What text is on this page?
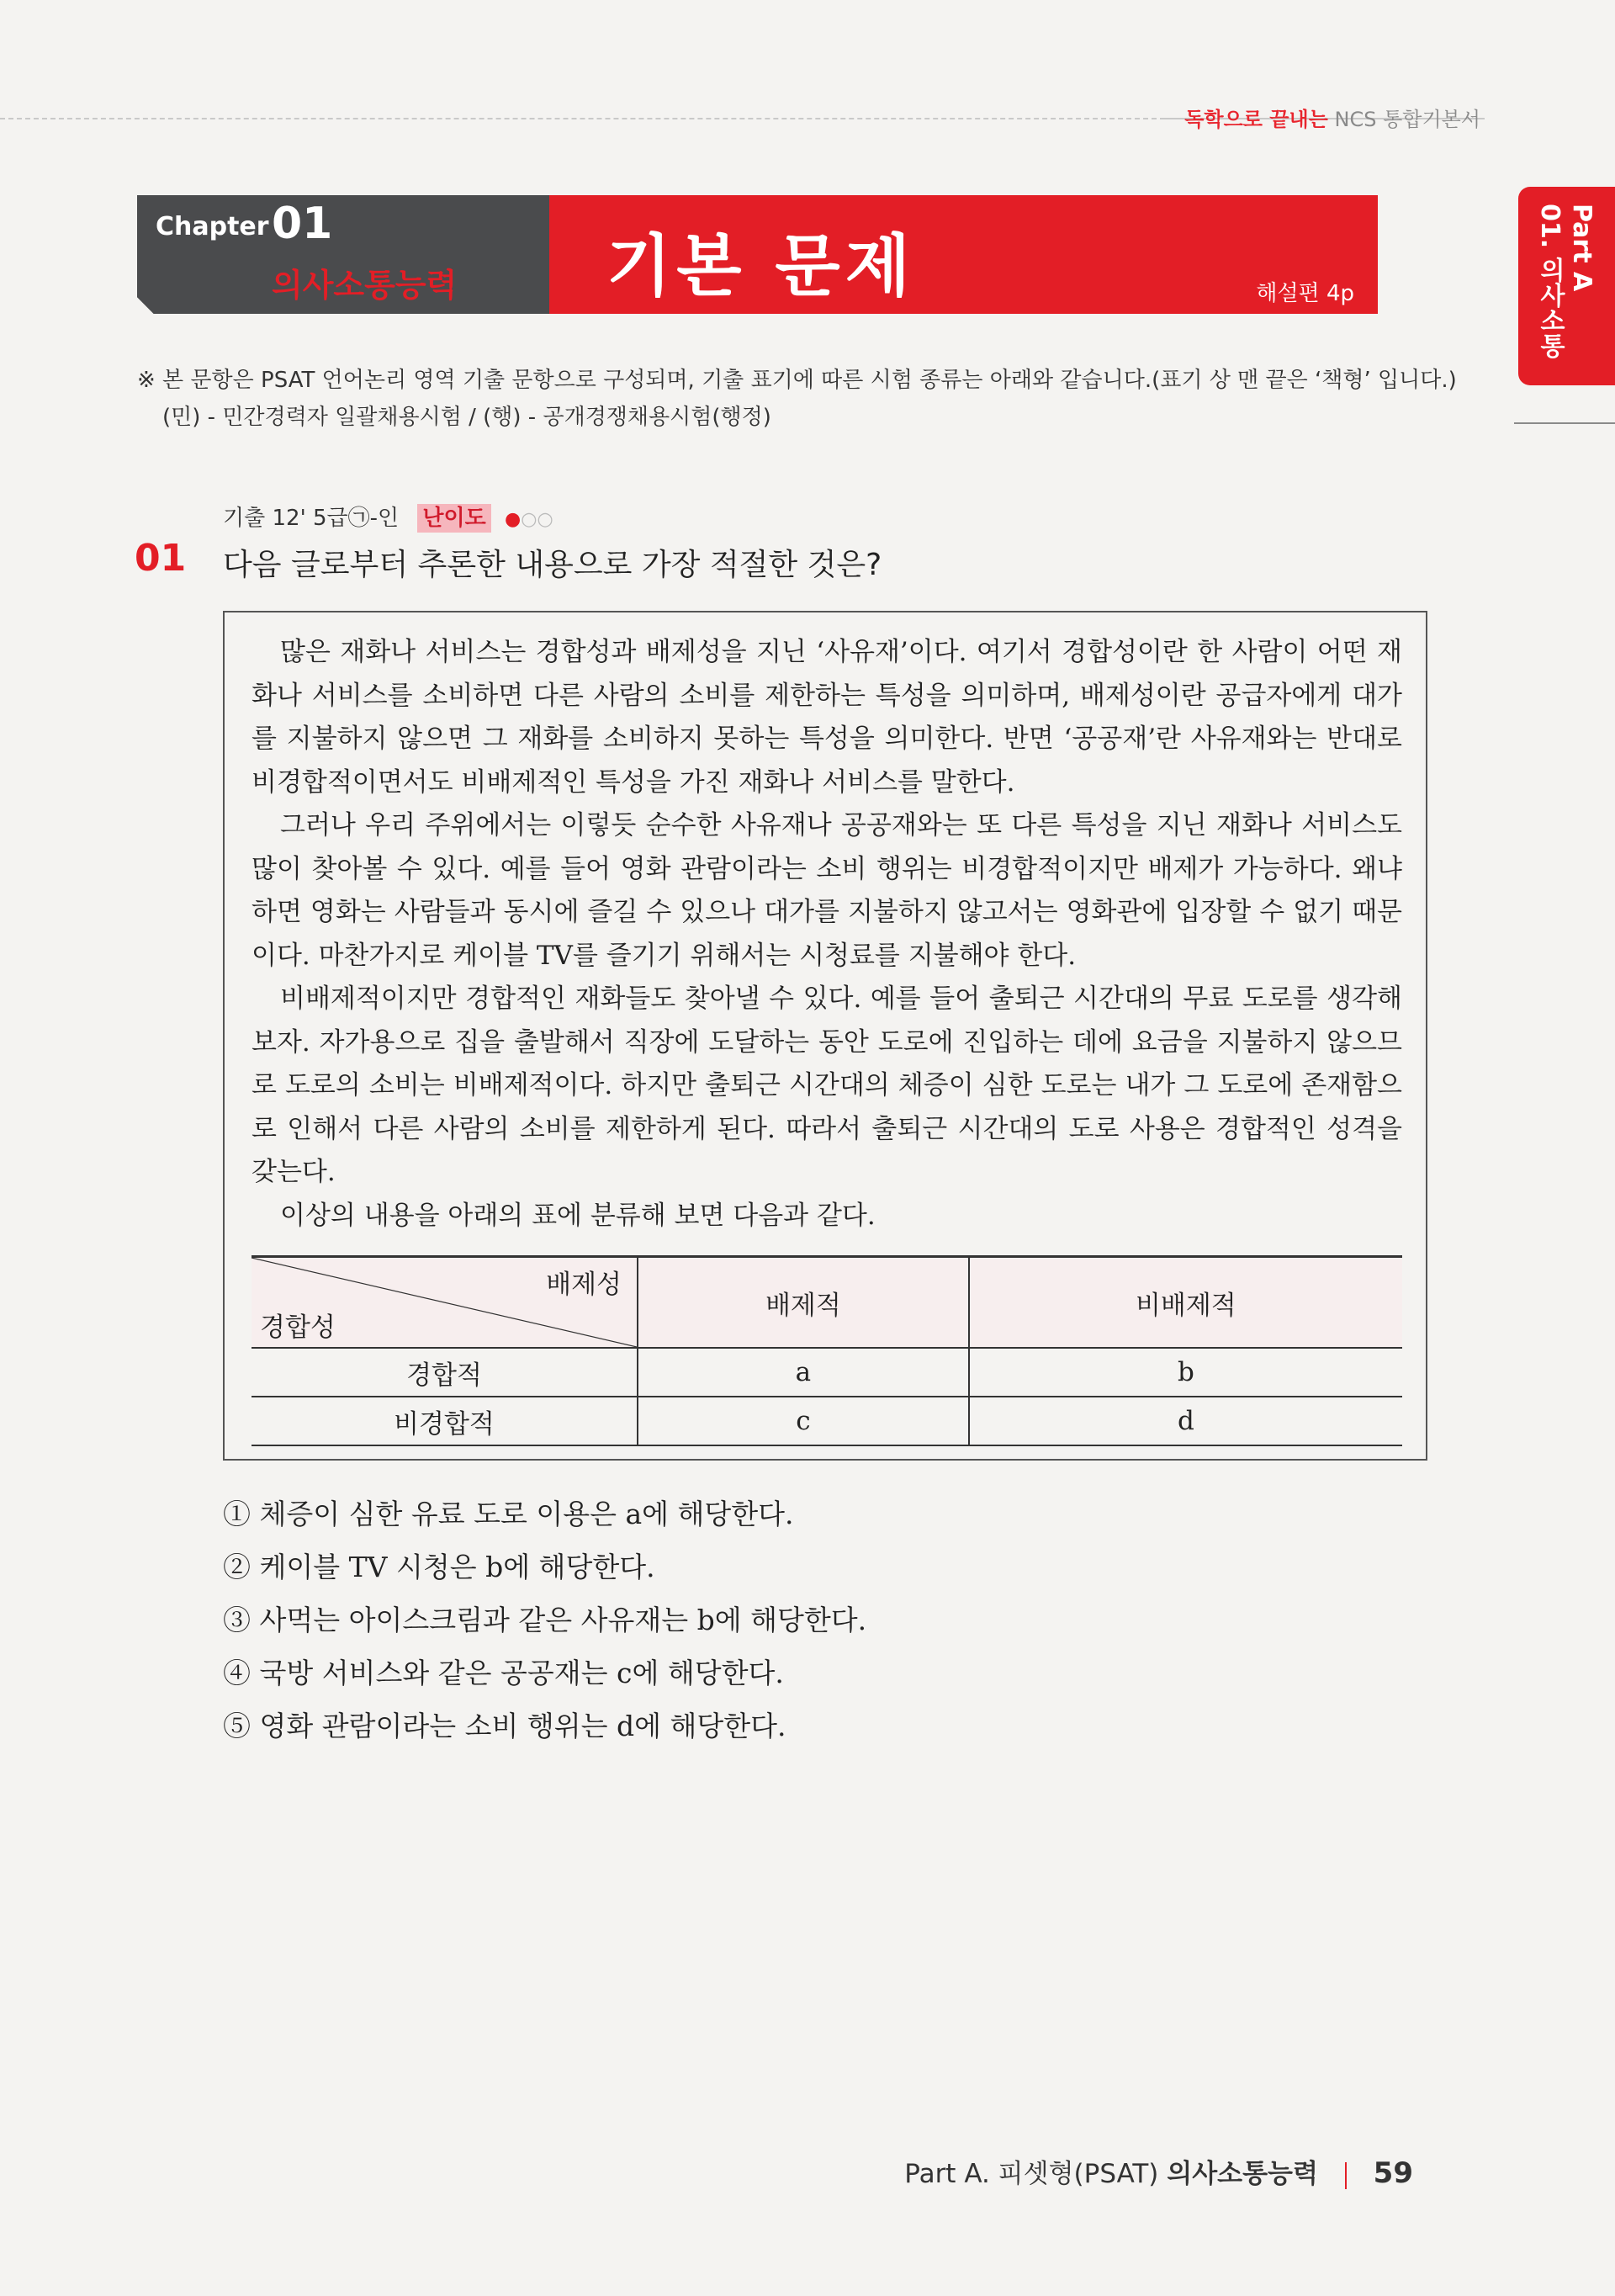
독학으로 끝내는 NCS 통합기본서
Chapter 01
의사소통능력 기본 문제	해설편 4p
Part A
01. 의사소통
※ 본 문항은 PSAT 언어논리 영역 기출 문항으로 구성되며, 기출 표기에 따른 시험 종류는 아래와 같습니다.(표기 상 맨 끝은 ‘책형’ 입니다.)
(민) - 민간경력자 일괄채용시험 / (행) - 공개경쟁채용시험(행정)
기출 12' 5급㉠-인 난이도 ●○○
01 다음 글로부터 추론한 내용으로 가장 적절한 것은?

많은 재화나 서비스는 경합성과 배제성을 지닌 ‘사유재’이다. 여기서 경합성이란 한 사람이 어떤 재화나 서비스를 소비하면 다른 사람의 소비를 제한하는 특성을 의미하며, 배제성이란 공급자에게 대가를 지불하지 않으면 그 재화를 소비하지 못하는 특성을 의미한다. 반면 ‘공공재’란 사유재와는 반대로 비경합적이면서도 비배제적인 특성을 가진 재화나 서비스를 말한다.

그러나 우리 주위에서는 이렇듯 순수한 사유재나 공공재와는 또 다른 특성을 지닌 재화나 서비스도 많이 찾아볼 수 있다. 예를 들어 영화 관람이라는 소비 행위는 비경합적이지만 배제가 가능하다. 왜냐하면 영화는 사람들과 동시에 즐길 수 있으나 대가를 지불하지 않고서는 영화관에 입장할 수 없기 때문이다. 마찬가지로 케이블 TV를 즐기기 위해서는 시청료를 지불해야 한다.

비배제적이지만 경합적인 재화들도 찾아낼 수 있다. 예를 들어 출퇴근 시간대의 무료 도로를 생각해보자. 자가용으로 집을 출발해서 직장에 도달하는 동안 도로에 진입하는 데에 요금을 지불하지 않으므로 도로의 소비는 비배제적이다. 하지만 출퇴근 시간대의 체증이 심한 도로는 내가 그 도로에 존재함으로 인해서 다른 사람의 소비를 제한하게 된다. 따라서 출퇴근 시간대의 도로 사용은 경합적인 성격을 갖는다.

이상의 내용을 아래의 표에 분류해 보면 다음과 같다.

배제성
경합성	배제적	비배제적
경합적	a	b
비경합적	c	d
① 체증이 심한 유료 도로 이용은 a에 해당한다.
② 케이블 TV 시청은 b에 해당한다.
③ 사먹는 아이스크림과 같은 사유재는 b에 해당한다.
④ 국방 서비스와 같은 공공재는 c에 해당한다.
⑤ 영화 관람이라는 소비 행위는 d에 해당한다.
Part A. 피셋형(PSAT) 의사소통능력 59
